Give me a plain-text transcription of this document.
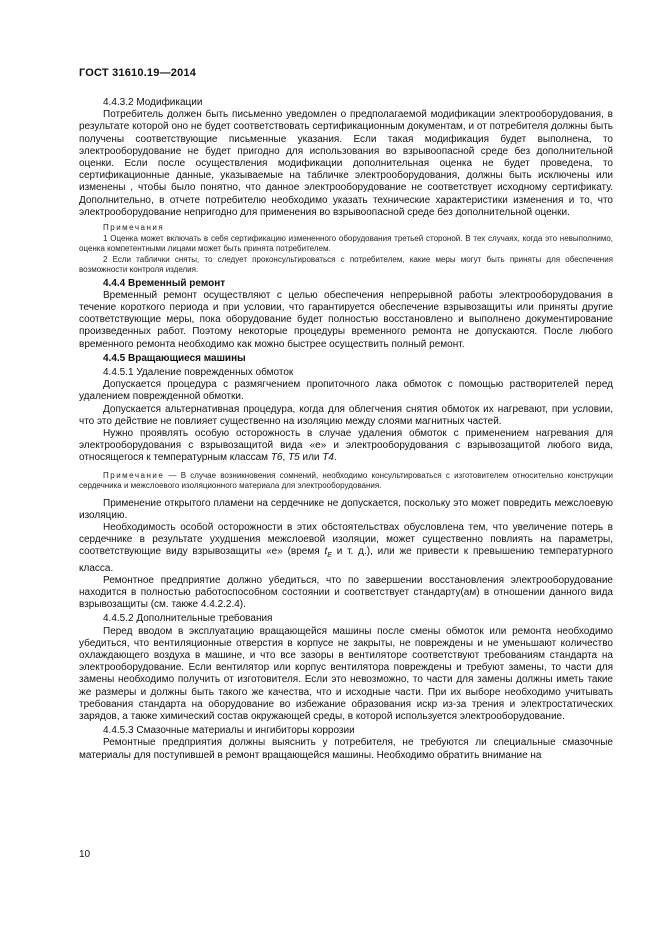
ГОСТ 31610.19—2014

4.4.3.2 Модификации

Потребитель должен быть письменно уведомлен о предполагаемой модификации электрооборудования, в результате которой оно не будет соответствовать сертификационным документам, и от потребителя должны быть получены соответствующие письменные указания. Если такая модификация будет выполнена, то электрооборудование не будет пригодно для использования во взрывоопасной среде без дополнительной оценки. Если после осуществления модификации дополнительная оценка не будет проведена, то сертификационные данные, указываемые на табличке электрооборудования, должны быть исключены или изменены , чтобы было понятно, что данное электрооборудование не соответствует исходному сертификату. Дополнительно, в отчете потребителю необходимо указать технические характеристики изменения и то, что электрооборудование непригодно для применения во взрывоопасной среде без дополнительной оценки.

Примечания

1 Оценка может включать в себя сертификацию измененного оборудования третьей стороной. В тех случаях, когда это невыполнимо, оценка компетентными лицами может быть принята потребителем.

2 Если таблички сняты, то следует проконсультироваться с потребителем, какие меры могут быть приняты для обеспечения возможности контроля изделия.

4.4.4 Временный ремонт

Временный ремонт осуществляют с целью обеспечения непрерывной работы электрооборудования в течение короткого периода и при условии, что гарантируется обеспечение взрывозащиты или приняты другие соответствующие меры, пока оборудование будет полностью восстановлено и выполнено документирование произведенных работ. Поэтому некоторые процедуры временного ремонта не допускаются. После любого временного ремонта необходимо как можно быстрее осуществить полный ремонт.

4.4.5 Вращающиеся машины

4.4.5.1 Удаление поврежденных обмоток

Допускается процедура с размягчением пропиточного лака обмоток с помощью растворителей перед удалением поврежденной обмотки.

Допускается альтернативная процедура, когда для облегчения снятия обмоток их нагревают, при условии, что это действие не повлияет существенно на изоляцию между слоями магнитных частей.

Нужно проявлять особую осторожность в случае удаления обмоток с применением нагревания для электрооборудования с взрывозащитой вида «е» и электрооборудования с взрывозащитой любого вида, относящегося к температурным классам T6, T5 или T4.

Примечание — В случае возникновения сомнений, необходимо консультироваться с изготовителем относительно конструкции сердечника и межслоевого изоляционного материала для электрооборудования.

Применение открытого пламени на сердечнике не допускается, поскольку это может повредить межслоевую изоляцию.

Необходимость особой осторожности в этих обстоятельствах обусловлена тем, что увеличение потерь в сердечнике в результате ухудшения межслоевой изоляции, может существенно повлиять на параметры, соответствующие виду взрывозащиты «е» (время $t_E$ и т. д.), или же привести к превышению температурного класса.

Ремонтное предприятие должно убедиться, что по завершении восстановления электрооборудование находится в полностью работоспособном состоянии и соответствует стандарту(ам) в отношении данного вида взрывозащиты (см. также 4.4.2.2.4).

4.4.5.2 Дополнительные требования

Перед вводом в эксплуатацию вращающейся машины после смены обмоток или ремонта необходимо убедиться, что вентиляционные отверстия в корпусе не закрыты, не повреждены и не уменьшают количество охлаждающего воздуха в машине, и что все зазоры в вентиляторе соответствуют требованиям стандарта на электрооборудование. Если вентилятор или корпус вентилятора повреждены и требуют замены, то части для замены необходимо получить от изготовителя. Если это невозможно, то части для замены должны иметь такие же размеры и должны быть такого же качества, что и исходные части. При их выборе необходимо учитывать требования стандарта на оборудование во избежание образования искр из-за трения и электростатических зарядов, а также химический состав окружающей среды, в которой используется электрооборудование.

4.4.5.3 Смазочные материалы и ингибиторы коррозии

Ремонтные предприятия должны выяснить у потребителя, не требуются ли специальные смазочные материалы для поступившей в ремонт вращающейся машины. Необходимо обратить внимание на

10
